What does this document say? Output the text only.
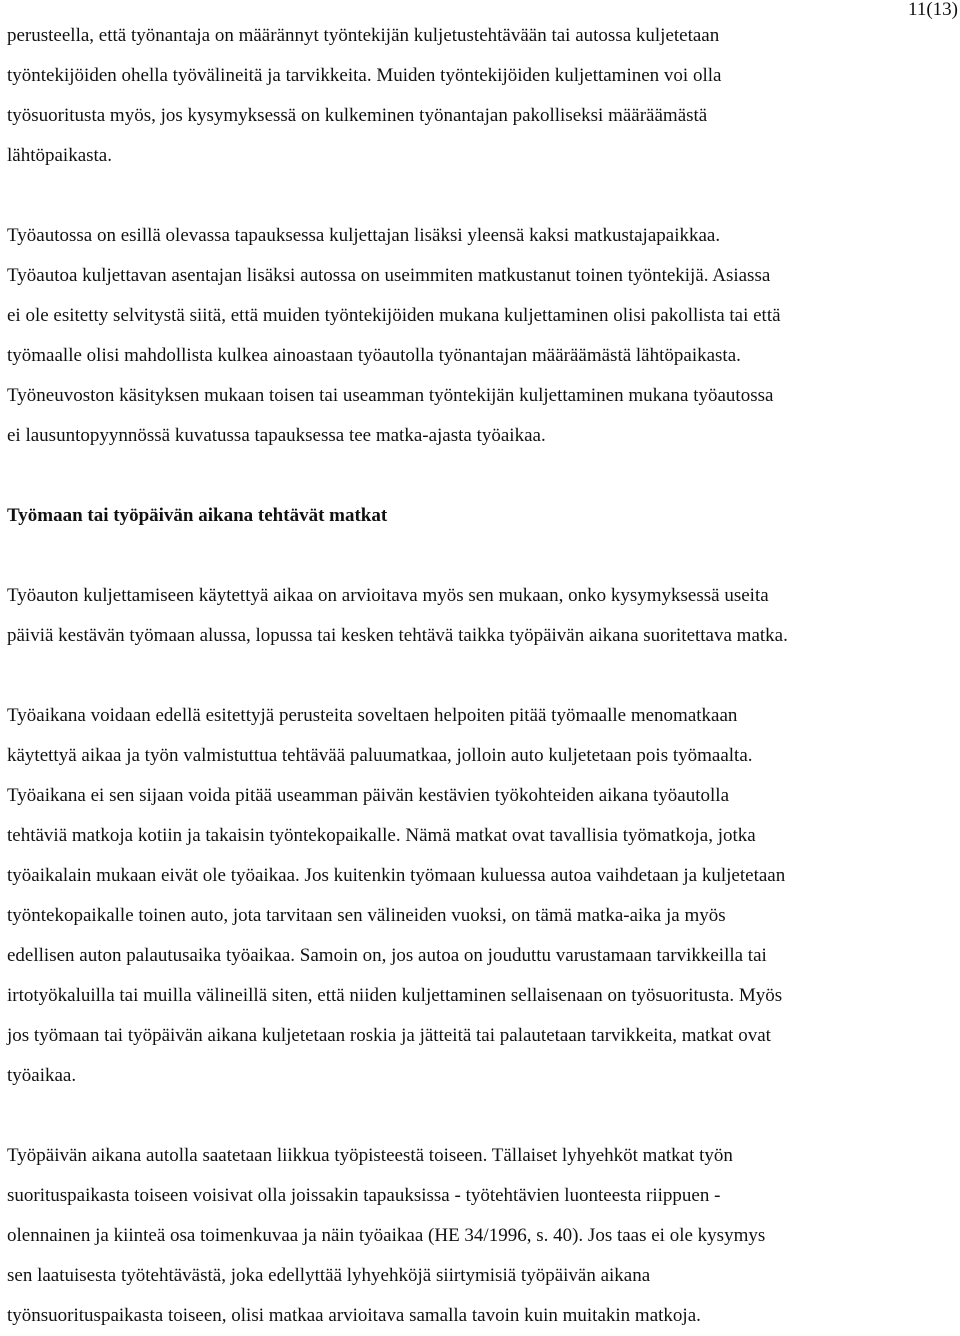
11(13)

perusteella, että työnantaja on määrännyt työntekijän kuljetustehtävään tai autossa kuljetetaan
työntekijöiden ohella työvälineitä ja tarvikkeita. Muiden työntekijöiden kuljettaminen voi olla
työsuoritusta myös, jos kysymyksessä on kulkeminen työnantajan pakolliseksi määräämästä
lähtöpaikasta.

Työautossa on esillä olevassa tapauksessa kuljettajan lisäksi yleensä kaksi matkustajapaikkaa.
Työautoa kuljettavan asentajan lisäksi autossa on useimmiten matkustanut toinen työntekijä. Asiassa
ei ole esitetty selvitystä siitä, että muiden työntekijöiden mukana kuljettaminen olisi pakollista tai että
työmaalle olisi mahdollista kulkea ainoastaan työautolla työnantajan määräämästä lähtöpaikasta.
Työneuvoston käsityksen mukaan toisen tai useamman työntekijän kuljettaminen mukana työautossa
ei lausuntopyynnössä kuvatussa tapauksessa tee matka-ajasta työaikaa.

Työmaan tai työpäivän aikana tehtävät matkat

Työauton kuljettamiseen käytettyä aikaa on arvioitava myös sen mukaan, onko kysymyksessä useita
päiviä kestävän työmaan alussa, lopussa tai kesken tehtävä taikka työpäivän aikana suoritettava matka.

Työaikana voidaan edellä esitettyjä perusteita soveltaen helpoiten pitää työmaalle menomatkaan
käytettyä aikaa ja työn valmistuttua tehtävää paluumatkaa, jolloin auto kuljetetaan pois työmaalta.
Työaikana ei sen sijaan voida pitää useamman päivän kestävien työkohteiden aikana työautolla
tehtäviä matkoja kotiin ja takaisin työntekopaikalle. Nämä matkat ovat tavallisia työmatkoja, jotka
työaikalain mukaan eivät ole työaikaa. Jos kuitenkin työmaan kuluessa autoa vaihdetaan ja kuljetetaan
työntekopaikalle toinen auto, jota tarvitaan sen välineiden vuoksi, on tämä matka-aika ja myös
edellisen auton palautusaika työaikaa. Samoin on, jos autoa on jouduttu varustamaan tarvikkeilla tai
irtotyökaluilla tai muilla välineillä siten, että niiden kuljettaminen sellaisenaan on työsuoritusta. Myös
jos työmaan tai työpäivän aikana kuljetetaan roskia ja jätteitä tai palautetaan tarvikkeita, matkat ovat
työaikaa.

Työpäivän aikana autolla saatetaan liikkua työpisteestä toiseen. Tällaiset lyhyehköt matkat työn
suorituspaikasta toiseen voisivat olla joissakin tapauksissa - työtehtävien luonteesta riippuen -
olennainen ja kiinteä osa toimenkuvaa ja näin työaikaa (HE 34/1996, s. 40). Jos taas ei ole kysymys
sen laatuisesta työtehtävästä, joka edellyttää lyhyehköjä siirtymisiä työpäivän aikana
työnsuorituspaikasta toiseen, olisi matkaa arvioitava samalla tavoin kuin muitakin matkoja.
